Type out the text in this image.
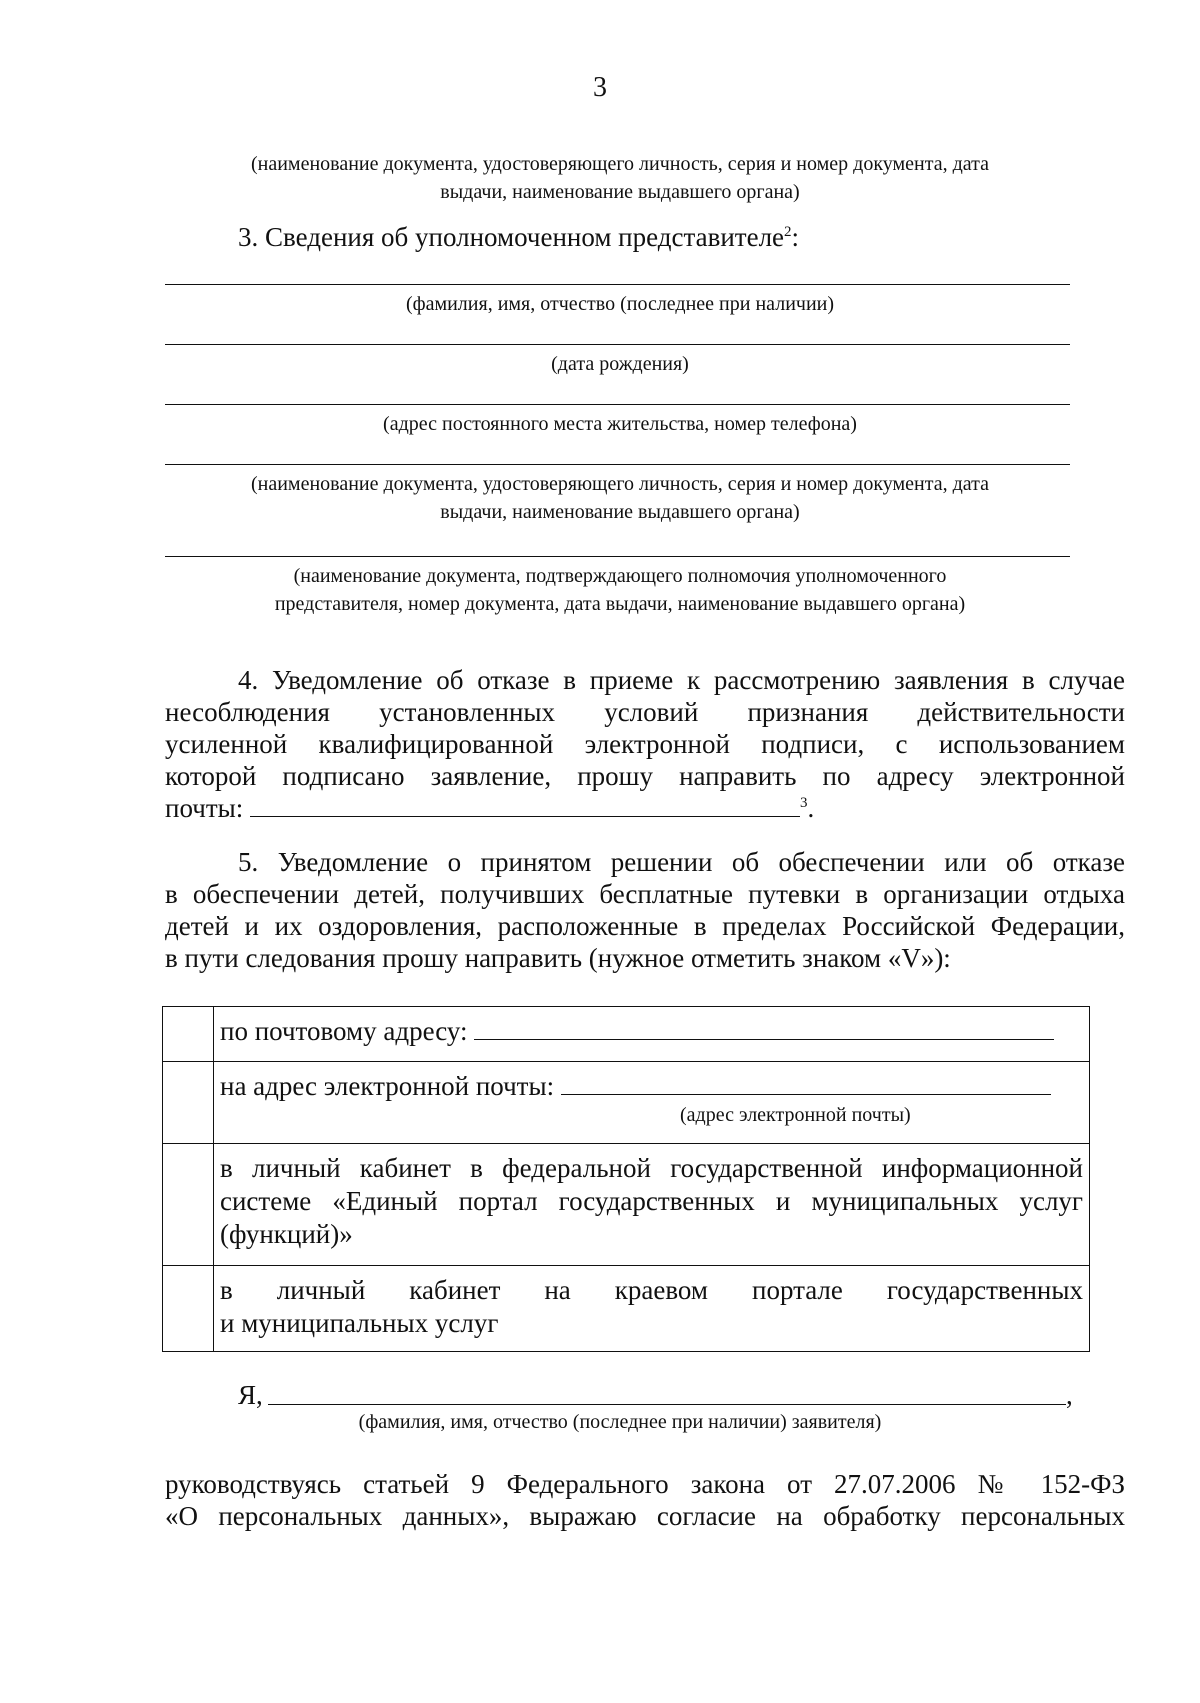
3
(наименование документа, удостоверяющего личность, серия и номер документа, дата
выдачи, наименование выдавшего органа)
3. Сведения об уполномоченном представителе$^2$:
(фамилия, имя, отчество (последнее при наличии)
(дата рождения)
(адрес постоянного места жительства, номер телефона)
(наименование документа, удостоверяющего личность, серия и номер документа, дата
выдачи, наименование выдавшего органа)
(наименование документа, подтверждающего полномочия уполномоченного
представителя, номер документа, дата выдачи, наименование выдавшего органа)
4. Уведомление об отказе в приеме к рассмотрению заявления в случае
несоблюдения установленных условий признания действительности
усиленной квалифицированной электронной подписи, с использованием
которой подписано заявление, прошу направить по адресу электронной
почты:	$^3$.
5. Уведомление о принятом решении об обеспечении или об отказе
в обеспечении детей, получивших бесплатные путевки в организации отдыха
детей и их оздоровления, расположенные в пределах Российской Федерации,
в пути следования прошу направить (нужное отметить знаком «V»):
	по почтовому адресу:
	на адрес электронной почты:
(адрес электронной почты)

	в личный кабинет в федеральной государственной информационной
системе «Единый портал государственных и муниципальных услуг
(функций)»

	в личный кабинет на краевом портале государственных
и муниципальных услуг
Я,	,
(фамилия, имя, отчество (последнее при наличии) заявителя)
руководствуясь статьей 9 Федерального закона от 27.07.2006 № 152-ФЗ
«О персональных данных», выражаю согласие на обработку персональных
